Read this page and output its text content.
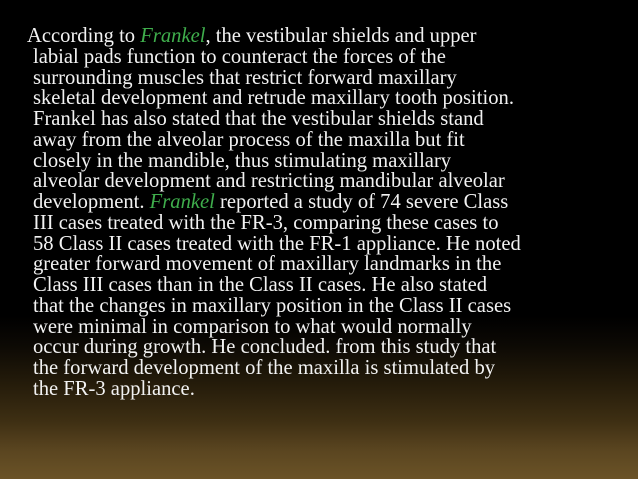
According to Frankel, the vestibular shields and upper
labial pads function to counteract the forces of the
surrounding muscles that restrict forward maxillary
skeletal development and retrude maxillary tooth position.
Frankel has also stated that the vestibular shields stand
away from the alveolar process of the maxilla but fit
closely in the mandible, thus stimulating maxillary
alveolar development and restricting mandibular alveolar
development. Frankel reported a study of 74 severe Class
III cases treated with the FR-3, comparing these cases to
58 Class II cases treated with the FR-1 appliance. He noted
greater forward movement of maxillary landmarks in the
Class III cases than in the Class II cases. He also stated
that the changes in maxillary position in the Class II cases
were minimal in comparison to what would normally
occur during growth. He concluded. from this study that
the forward development of the maxilla is stimulated by
the FR-3 appliance.
